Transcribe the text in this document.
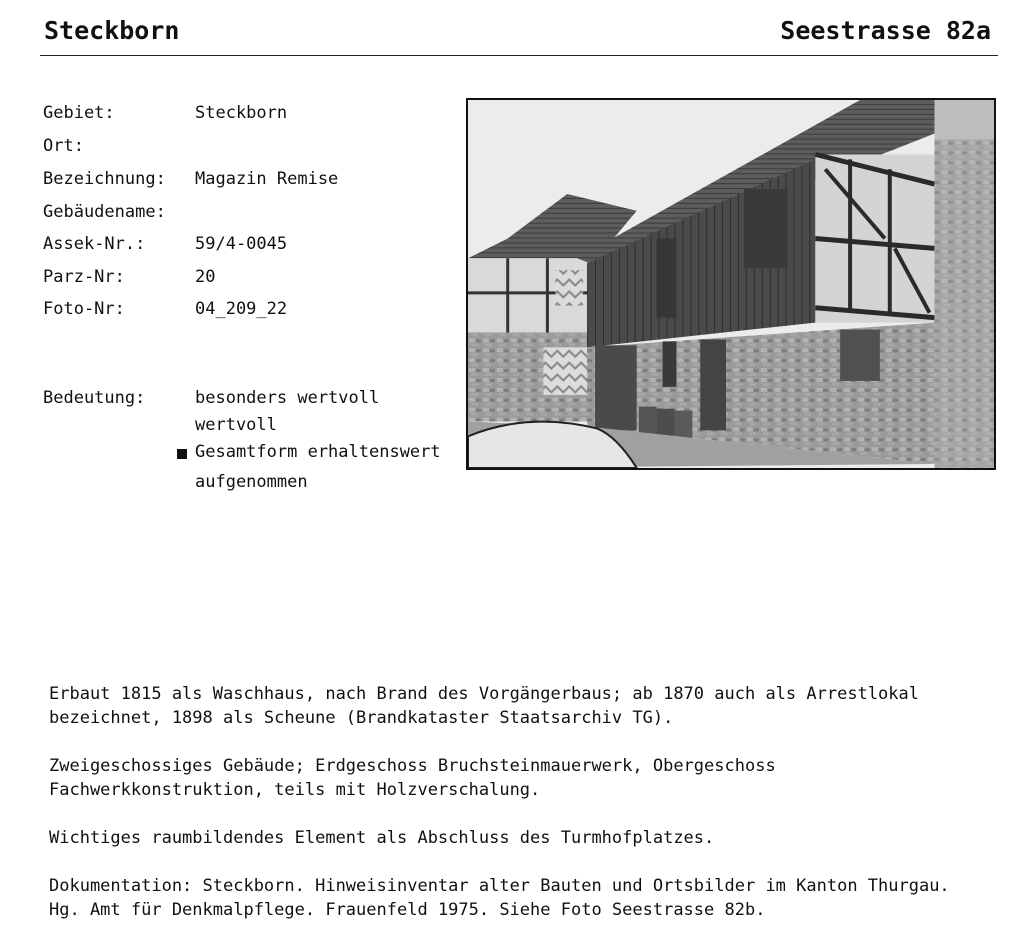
Steckborn	Seestrasse 82a
Gebiet:	Steckborn
Ort:
Bezeichnung: Magazin Remise
Gebäudename:
Assek-Nr.:	59/4-0045
Parz-Nr:	20
Foto-Nr:	04_209_22
Bedeutung:	besonders wertvoll
wertvoll
Gesamtform erhaltenswert
aufgenommen

Erbaut 1815 als Waschhaus, nach Brand des Vorgängerbaus; ab 1870 auch als Arrestlokal
bezeichnet, 1898 als Scheune (Brandkataster Staatsarchiv TG).

Zweigeschossiges Gebäude; Erdgeschoss Bruchsteinmauerwerk, Obergeschoss
Fachwerkkonstruktion, teils mit Holzverschalung.

Wichtiges raumbildendes Element als Abschluss des Turmhofplatzes.

Dokumentation: Steckborn. Hinweisinventar alter Bauten und Ortsbilder im Kanton Thurgau.
Hg. Amt für Denkmalpflege. Frauenfeld 1975. Siehe Foto Seestrasse 82b.
